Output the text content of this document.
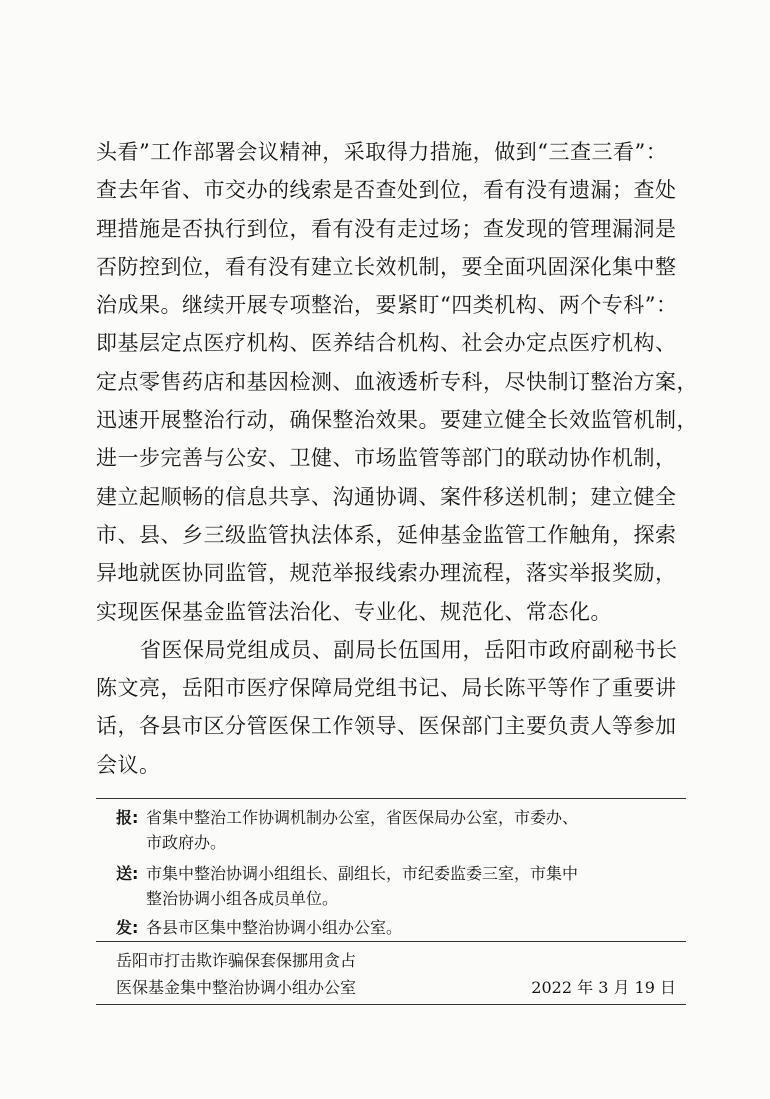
头看”工作部署会议精神，采取得力措施，做到“三查三看”：
查去年省、市交办的线索是否查处到位，看有没有遗漏；查处
理措施是否执行到位，看有没有走过场；查发现的管理漏洞是
否防控到位，看有没有建立长效机制，要全面巩固深化集中整
治成果。继续开展专项整治，要紧盯“四类机构、两个专科”：
即基层定点医疗机构、医养结合机构、社会办定点医疗机构、
定点零售药店和基因检测、血液透析专科，尽快制订整治方案，
迅速开展整治行动，确保整治效果。要建立健全长效监管机制，
进一步完善与公安、卫健、市场监管等部门的联动协作机制，
建立起顺畅的信息共享、沟通协调、案件移送机制；建立健全
市、县、乡三级监管执法体系，延伸基金监管工作触角，探索
异地就医协同监管，规范举报线索办理流程，落实举报奖励，
实现医保基金监管法治化、专业化、规范化、常态化。
省医保局党组成员、副局长伍国用，岳阳市政府副秘书长
陈文亮，岳阳市医疗保障局党组书记、局长陈平等作了重要讲
话，各县市区分管医保工作领导、医保部门主要负责人等参加
会议。
报: 省集中整治工作协调机制办公室，省医保局办公室，市委办、
市政府办。
送: 市集中整治协调小组组长、副组长，市纪委监委三室，市集中
整治协调小组各成员单位。
发: 各县市区集中整治协调小组办公室。
岳阳市打击欺诈骗保套保挪用贪占
医保基金集中整治协调小组办公室	2022 年 3 月 19 日
